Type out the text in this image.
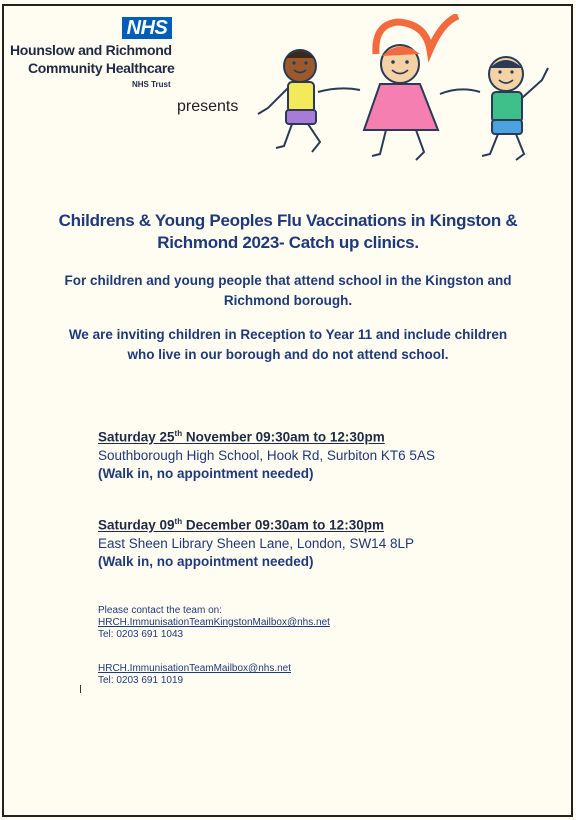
NHS
Hounslow and Richmond
Community Healthcare
NHS Trust
presents
Childrens & Young Peoples Flu Vaccinations in Kingston &
Richmond 2023- Catch up clinics.
For children and young people that attend school in the Kingston and
Richmond borough.
We are inviting children in Reception to Year 11 and include children
who live in our borough and do not attend school.
Saturday 25th November 09:30am to 12:30pm
Southborough High School, Hook Rd, Surbiton KT6 5AS
(Walk in, no appointment needed)
Saturday 09th December 09:30am to 12:30pm
East Sheen Library Sheen Lane, London, SW14 8LP
(Walk in, no appointment needed)
Please contact the team on:
HRCH.ImmunisationTeamKingstonMailbox@nhs.net
Tel: 0203 691 1043
HRCH.ImmunisationTeamMailbox@nhs.net
Tel: 0203 691 1019
